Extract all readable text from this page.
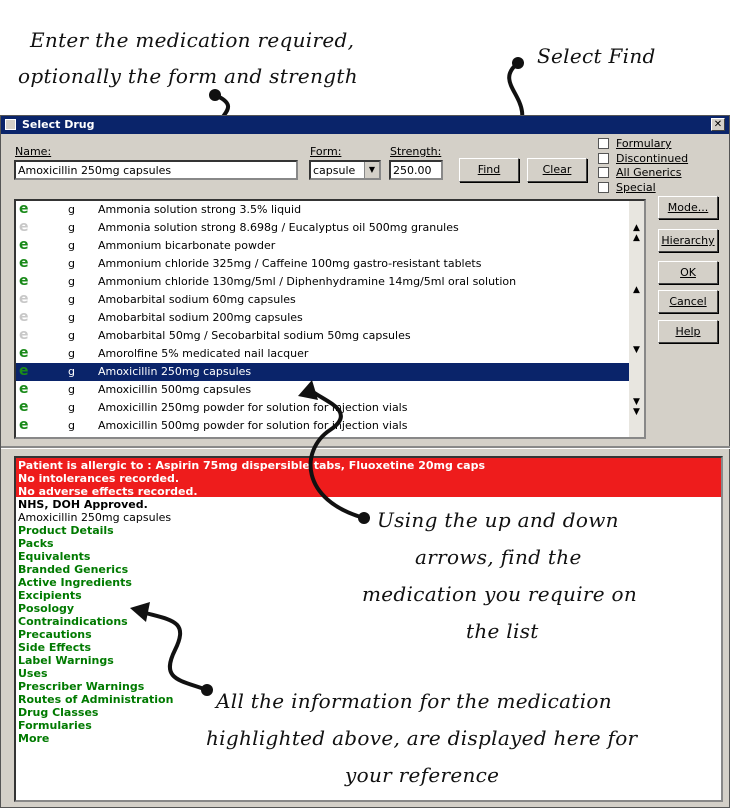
Enter the medication required,
optionally the form and strength
Select Find
Select Drug	✕
Name:
Amoxicillin 250mg capsules
Form:
capsule	▼
Strength:
250.00	Find	Clear
Formulary
Discontinued
All Generics
Special
e	g Ammonia solution strong 3.5% liquid
e	g Ammonia solution strong 8.698g / Eucalyptus oil 500mg granules
e	g Ammonium bicarbonate powder
e	g Ammonium chloride 325mg / Caffeine 100mg gastro-resistant tablets
e	g Ammonium chloride 130mg/5ml / Diphenhydramine 14mg/5ml oral solution
e	g Amobarbital sodium 60mg capsules
e	g Amobarbital sodium 200mg capsules
e	g Amobarbital 50mg / Secobarbital sodium 50mg capsules
e	g Amorolfine 5% medicated nail lacquer
e	g Amoxicillin 250mg capsules
e	g Amoxicillin 500mg capsules
e	g Amoxicillin 250mg powder for solution for injection vials
e	g Amoxicillin 500mg powder for solution for injection vials
▲
▲
▲
▼
▼
▼
Mode...
Hierarchy
OK
Cancel
Help
Patient is allergic to : Aspirin 75mg dispersible tabs, Fluoxetine 20mg caps
No intolerances recorded.
No adverse effects recorded.
NHS, DOH Approved.
Amoxicillin 250mg capsules
Product Details
Packs
Equivalents
Branded Generics
Active Ingredients
Excipients
Posology
Contraindications
Precautions
Side Effects
Label Warnings
Uses
Prescriber Warnings
Routes of Administration
Drug Classes
Formularies
More
Using the up and down
arrows, find the
medication you require on
the list
All the information for the medication
highlighted above, are displayed here for
your reference
